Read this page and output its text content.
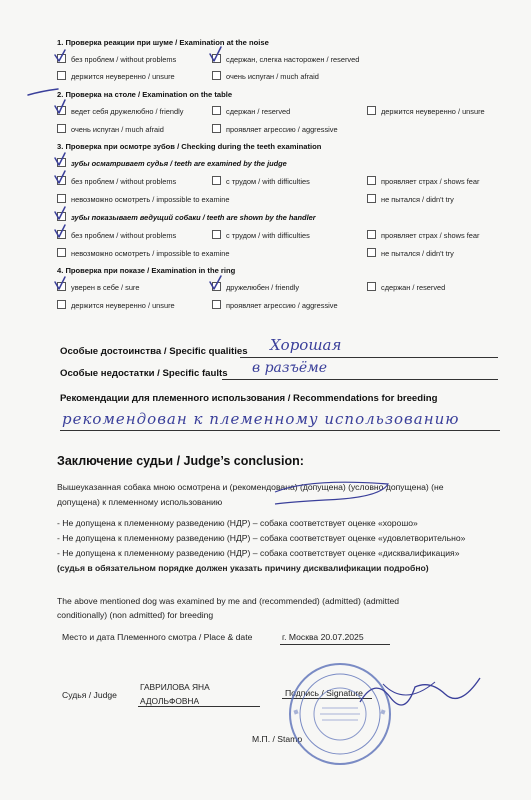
1. Проверка реакции при шуме / Examination at the noise
без проблем / without problems	сдержан, слегка насторожен / reserved
держится неуверенно / unsure	очень испуган / much afraid
2. Проверка на столе / Examination on the table
ведет себя дружелюбно / friendly	сдержан / reserved	держится неуверенно / unsure
очень испуган / much afraid	проявляет агрессию / aggressive
3. Проверка при осмотре зубов / Checking during the teeth examination
зубы осматривает судья / teeth are examined by the judge
без проблем / without problems	с трудом / with difficulties	проявляет страх / shows fear
невозможно осмотреть / impossible to examine	не пытался / didn't try
зубы показывает ведущий собаки / teeth are shown by the handler
без проблем / without problems	с трудом / with difficulties	проявляет страх / shows fear
невозможно осмотреть / impossible to examine	не пытался / didn't try
4. Проверка при показе / Examination in the ring
уверен в себе / sure	дружелюбен / friendly	сдержан / reserved
держится неуверенно / unsure	проявляет агрессию / aggressive
Особые достоинства / Specific qualities Хорошая
Особые недостатки / Specific faults в разъёме
Рекомендации для племенного использования / Recommendations for breeding
рекомендован к племенному использованию
Заключение судьи / Judge’s conclusion:
Вышеуказанная собака мною осмотрена и (рекомендована) (допущена) (условно допущена) (не
допущена) к племенному использованию
- Не допущена к племенному разведению (НДР) – собака соответствует оценке «хорошо»
- Не допущена к племенному разведению (НДР) – собака соответствует оценке «удовлетворительно»
- Не допущена к племенному разведению (НДР) – собака соответствует оценке «дисквалификация»
(судья в обязательном порядке должен указать причину дисквалификации подробно)
The above mentioned dog was examined by me and (recommended) (admitted) (admitted
conditionally) (non admitted) for breeding
Место и дата Племенного смотра / Place & date	г. Москва 20.07.2025
Судья / Judge
ГАВРИЛОВА ЯНА
АДОЛЬФОВНА
Подпись / Signature
М.П. / Stamp
